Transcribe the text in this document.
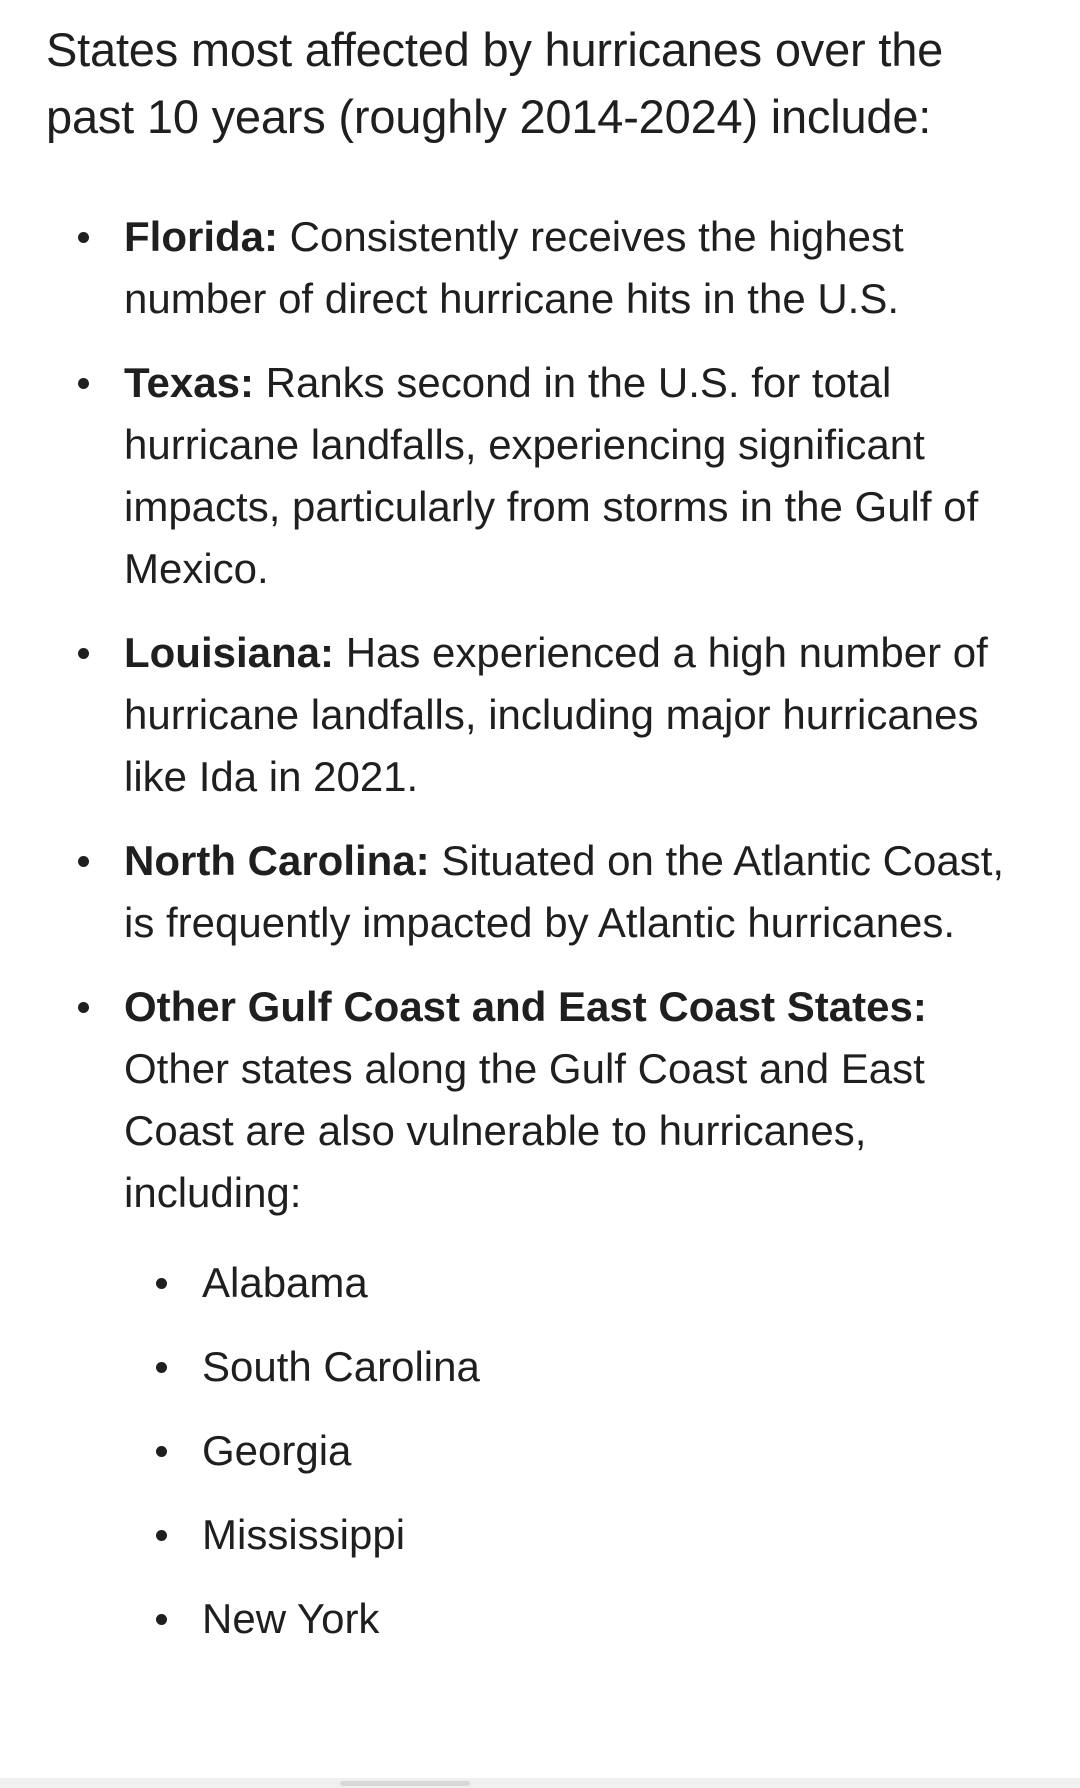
States most affected by hurricanes over the past 10 years (roughly 2014-2024) include:

Florida: Consistently receives the highest number of direct hurricane hits in the U.S.
Texas: Ranks second in the U.S. for total hurricane landfalls, experiencing significant impacts, particularly from storms in the Gulf of Mexico.
Louisiana: Has experienced a high number of hurricane landfalls, including major hurricanes like Ida in 2021.
North Carolina: Situated on the Atlantic Coast, is frequently impacted by Atlantic hurricanes.
Other Gulf Coast and East Coast States: Other states along the Gulf Coast and East Coast are also vulnerable to hurricanes, including:
Alabama
South Carolina
Georgia
Mississippi
New York
